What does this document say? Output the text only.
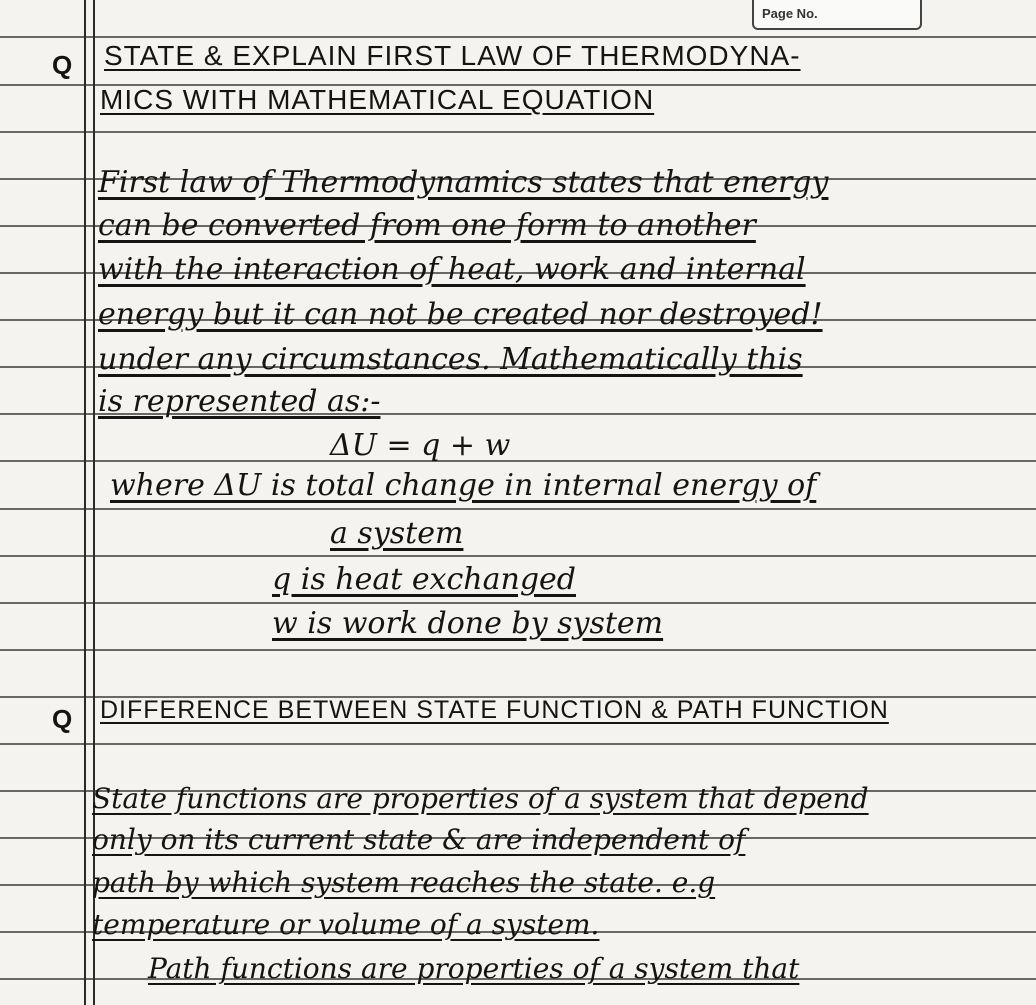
Page No.
Q STATE & EXPLAIN FIRST LAW OF THERMODYNA-
MICS WITH MATHEMATICAL EQUATION
First law of Thermodynamics states that energy
can be converted from one form to another
with the interaction of heat, work and internal
energy but it can not be created nor destroyed!
under any circumstances. Mathematically this
is represented as:-
ΔU = q + w
where ΔU is total change in internal energy of
a system
q is heat exchanged
w is work done by system
Q DIFFERENCE BETWEEN STATE FUNCTION & PATH FUNCTION
State functions are properties of a system that depend
only on its current state & are independent of
path by which system reaches the state. e.g
temperature or volume of a system.
Path functions are properties of a system that
